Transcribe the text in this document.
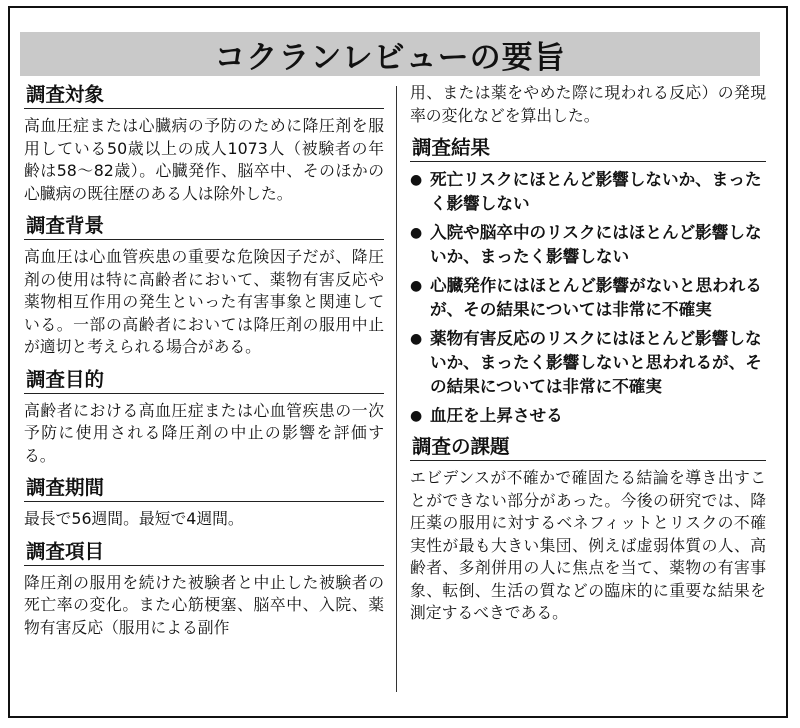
コクランレビューの要旨
調査対象
高血圧症または心臓病の予防のために降圧剤を服用している50歳以上の成人1073人（被験者の年齢は58〜82歳）。心臓発作、脳卒中、そのほかの心臓病の既往歴のある人は除外した。
調査背景
高血圧は心血管疾患の重要な危険因子だが、降圧剤の使用は特に高齢者において、薬物有害反応や薬物相互作用の発生といった有害事象と関連している。一部の高齢者においては降圧剤の服用中止が適切と考えられる場合がある。
調査目的
高齢者における高血圧症または心血管疾患の一次予防に使用される降圧剤の中止の影響を評価する。
調査期間
最長で56週間。最短で4週間。
調査項目
降圧剤の服用を続けた被験者と中止した被験者の死亡率の変化。また心筋梗塞、脳卒中、入院、薬物有害反応（服用による副作
用、または薬をやめた際に現われる反応）の発現率の変化などを算出した。
調査結果
● 死亡リスクにほとんど影響しないか、まったく影響しない
● 入院や脳卒中のリスクにはほとんど影響しないか、まったく影響しない
● 心臓発作にはほとんど影響がないと思われるが、その結果については非常に不確実
● 薬物有害反応のリスクにはほとんど影響しないか、まったく影響しないと思われるが、その結果については非常に不確実
● 血圧を上昇させる
調査の課題
エビデンスが不確かで確固たる結論を導き出すことができない部分があった。今後の研究では、降圧薬の服用に対するベネフィットとリスクの不確実性が最も大きい集団、例えば虚弱体質の人、高齢者、多剤併用の人に焦点を当て、薬物の有害事象、転倒、生活の質などの臨床的に重要な結果を測定するべきである。
